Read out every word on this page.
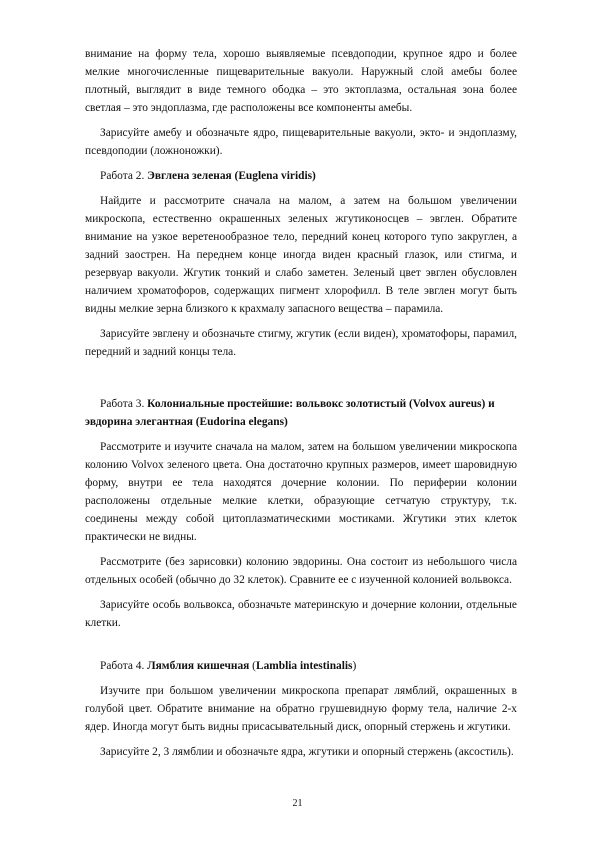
внимание на форму тела, хорошо выявляемые псевдоподии, крупное ядро и более мелкие многочисленные пищеварительные вакуоли. Наружный слой амебы более плотный, выглядит в виде темного ободка – это эктоплазма, остальная зона более светлая – это эндоплазма, где расположены все компоненты амебы.

Зарисуйте амебу и обозначьте ядро, пищеварительные вакуоли, экто- и эндоплазму, псевдоподии (ложноножки).

Работа 2. Эвглена зеленая (Euglena viridis)

Найдите и рассмотрите сначала на малом, а затем на большом увеличении микроскопа, естественно окрашенных зеленых жгутиконосцев – эвглен. Обратите внимание на узкое веретенообразное тело, передний конец которого тупо закруглен, а задний заострен. На переднем конце иногда виден красный глазок, или стигма, и резервуар вакуоли. Жгутик тонкий и слабо заметен. Зеленый цвет эвглен обусловлен наличием хроматофоров, содержащих пигмент хлорофилл. В теле эвглен могут быть видны мелкие зерна близкого к крахмалу запасного вещества – парамила.

Зарисуйте эвглену и обозначьте стигму, жгутик (если виден), хроматофоры, парамил, передний и задний концы тела.

Работа 3. Колониальные простейшие: вольвокс золотистый (Volvox aureus) и
эвдорина элегантная (Eudorina elegans)

Рассмотрите и изучите сначала на малом, затем на большом увеличении микроскопа колонию Volvox зеленого цвета. Она достаточно крупных размеров, имеет шаровидную форму, внутри ее тела находятся дочерние колонии. По периферии колонии расположены отдельные мелкие клетки, образующие сетчатую структуру, т.к. соединены между собой цитоплазматическими мостиками. Жгутики этих клеток практически не видны.

Рассмотрите (без зарисовки) колонию эвдорины. Она состоит из небольшого числа отдельных особей (обычно до 32 клеток). Сравните ее с изученной колонией вольвокса.

Зарисуйте особь вольвокса, обозначьте материнскую и дочерние колонии, отдельные клетки.

Работа 4. Лямблия кишечная (Lamblia intestinalis)

Изучите при большом увеличении микроскопа препарат лямблий, окрашенных в голубой цвет. Обратите внимание на обратно грушевидную форму тела, наличие 2-х ядер. Иногда могут быть видны присасывательный диск, опорный стержень и жгутики.

Зарисуйте 2, 3 лямблии и обозначьте ядра, жгутики и опорный стержень (аксостиль).

21
